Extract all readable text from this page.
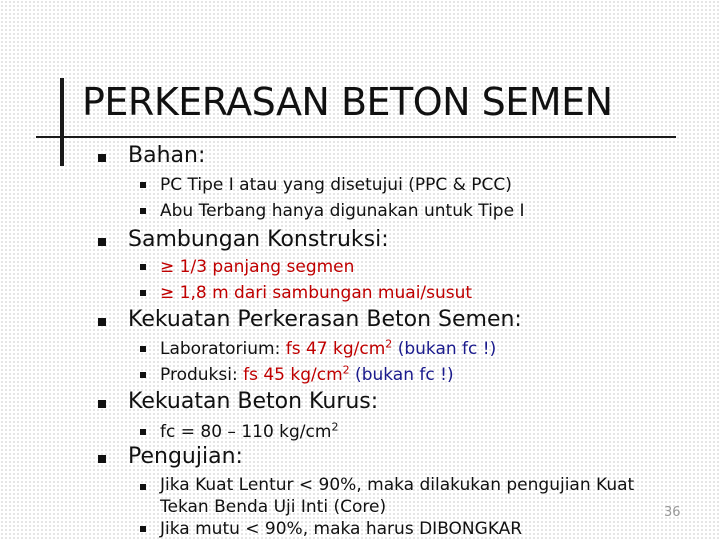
PERKERASAN BETON SEMEN
Bahan:
PC Tipe I atau yang disetujui (PPC & PCC)
Abu Terbang hanya digunakan untuk Tipe I
Sambungan Konstruksi:
≥ 1/3 panjang segmen
≥ 1,8 m dari sambungan muai/susut
Kekuatan Perkerasan Beton Semen:
Laboratorium: fs 47 $kg/cm^2$ (bukan fc !)
Produksi: fs 45 $kg/cm^2$ (bukan fc !)
Kekuatan Beton Kurus:
fc = 80 – 110 $kg/cm^2$
Pengujian:
Jika Kuat Lentur < 90%, maka dilakukan pengujian Kuat
Tekan Benda Uji Inti (Core)
Jika mutu < 90%, maka harus DIBONGKAR
36
